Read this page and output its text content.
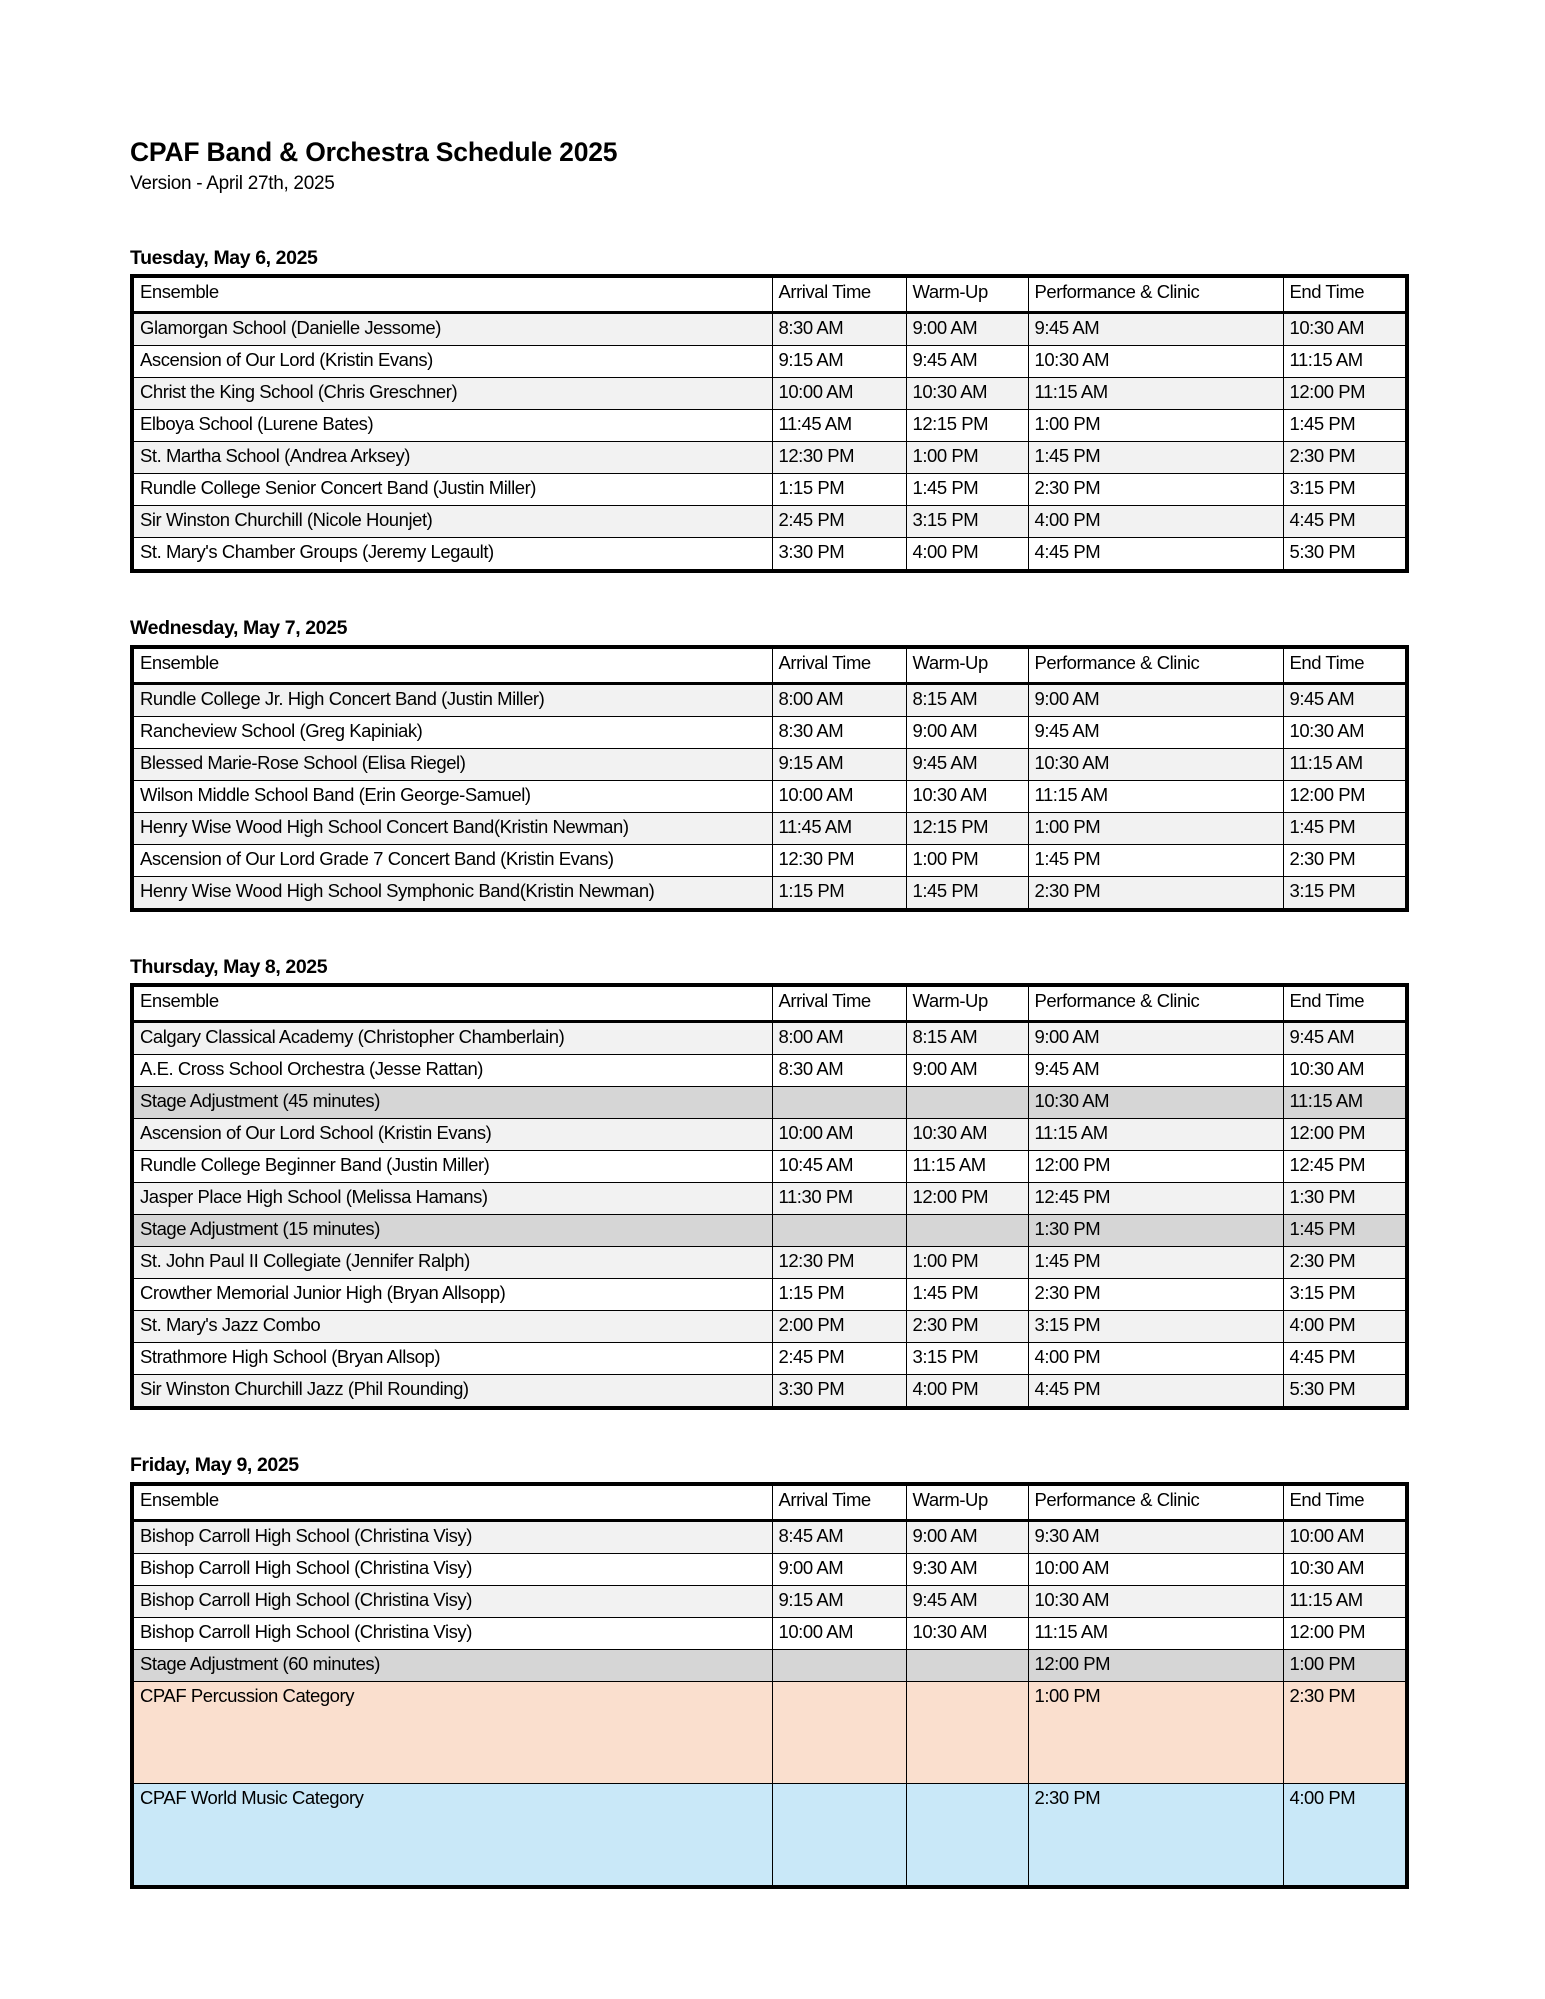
CPAF Band & Orchestra Schedule 2025
Version - April 27th, 2025
Tuesday, May 6, 2025
Ensemble	Arrival Time	Warm-Up	Performance & Clinic	End Time
Glamorgan School (Danielle Jessome)	8:30 AM	9:00 AM	9:45 AM	10:30 AM
Ascension of Our Lord (Kristin Evans)	9:15 AM	9:45 AM	10:30 AM	11:15 AM
Christ the King School (Chris Greschner)	10:00 AM	10:30 AM	11:15 AM	12:00 PM
Elboya School (Lurene Bates)	11:45 AM	12:15 PM	1:00 PM	1:45 PM
St. Martha School (Andrea Arksey)	12:30 PM	1:00 PM	1:45 PM	2:30 PM
Rundle College Senior Concert Band (Justin Miller)	1:15 PM	1:45 PM	2:30 PM	3:15 PM
Sir Winston Churchill (Nicole Hounjet)	2:45 PM	3:15 PM	4:00 PM	4:45 PM
St. Mary's Chamber Groups (Jeremy Legault)	3:30 PM	4:00 PM	4:45 PM	5:30 PM
Wednesday, May 7, 2025
Ensemble	Arrival Time	Warm-Up	Performance & Clinic	End Time
Rundle College Jr. High Concert Band (Justin Miller)	8:00 AM	8:15 AM	9:00 AM	9:45 AM
Rancheview School (Greg Kapiniak)	8:30 AM	9:00 AM	9:45 AM	10:30 AM
Blessed Marie-Rose School (Elisa Riegel)	9:15 AM	9:45 AM	10:30 AM	11:15 AM
Wilson Middle School Band (Erin George-Samuel)	10:00 AM	10:30 AM	11:15 AM	12:00 PM
Henry Wise Wood High School Concert Band(Kristin Newman)	11:45 AM	12:15 PM	1:00 PM	1:45 PM
Ascension of Our Lord Grade 7 Concert Band (Kristin Evans)	12:30 PM	1:00 PM	1:45 PM	2:30 PM
Henry Wise Wood High School Symphonic Band(Kristin Newman)	1:15 PM	1:45 PM	2:30 PM	3:15 PM
Thursday, May 8, 2025
Ensemble	Arrival Time	Warm-Up	Performance & Clinic	End Time
Calgary Classical Academy (Christopher Chamberlain)	8:00 AM	8:15 AM	9:00 AM	9:45 AM
A.E. Cross School Orchestra (Jesse Rattan)	8:30 AM	9:00 AM	9:45 AM	10:30 AM
Stage Adjustment (45 minutes)			10:30 AM	11:15 AM
Ascension of Our Lord School (Kristin Evans)	10:00 AM	10:30 AM	11:15 AM	12:00 PM
Rundle College Beginner Band (Justin Miller)	10:45 AM	11:15 AM	12:00 PM	12:45 PM
Jasper Place High School (Melissa Hamans)	11:30 PM	12:00 PM	12:45 PM	1:30 PM
Stage Adjustment (15 minutes)			1:30 PM	1:45 PM
St. John Paul II Collegiate (Jennifer Ralph)	12:30 PM	1:00 PM	1:45 PM	2:30 PM
Crowther Memorial Junior High (Bryan Allsopp)	1:15 PM	1:45 PM	2:30 PM	3:15 PM
St. Mary's Jazz Combo	2:00 PM	2:30 PM	3:15 PM	4:00 PM
Strathmore High School (Bryan Allsop)	2:45 PM	3:15 PM	4:00 PM	4:45 PM
Sir Winston Churchill Jazz (Phil Rounding)	3:30 PM	4:00 PM	4:45 PM	5:30 PM
Friday, May 9, 2025
Ensemble	Arrival Time	Warm-Up	Performance & Clinic	End Time
Bishop Carroll High School (Christina Visy)	8:45 AM	9:00 AM	9:30 AM	10:00 AM
Bishop Carroll High School (Christina Visy)	9:00 AM	9:30 AM	10:00 AM	10:30 AM
Bishop Carroll High School (Christina Visy)	9:15 AM	9:45 AM	10:30 AM	11:15 AM
Bishop Carroll High School (Christina Visy)	10:00 AM	10:30 AM	11:15 AM	12:00 PM
Stage Adjustment (60 minutes)			12:00 PM	1:00 PM
CPAF Percussion Category			1:00 PM	2:30 PM
CPAF World Music Category			2:30 PM	4:00 PM
